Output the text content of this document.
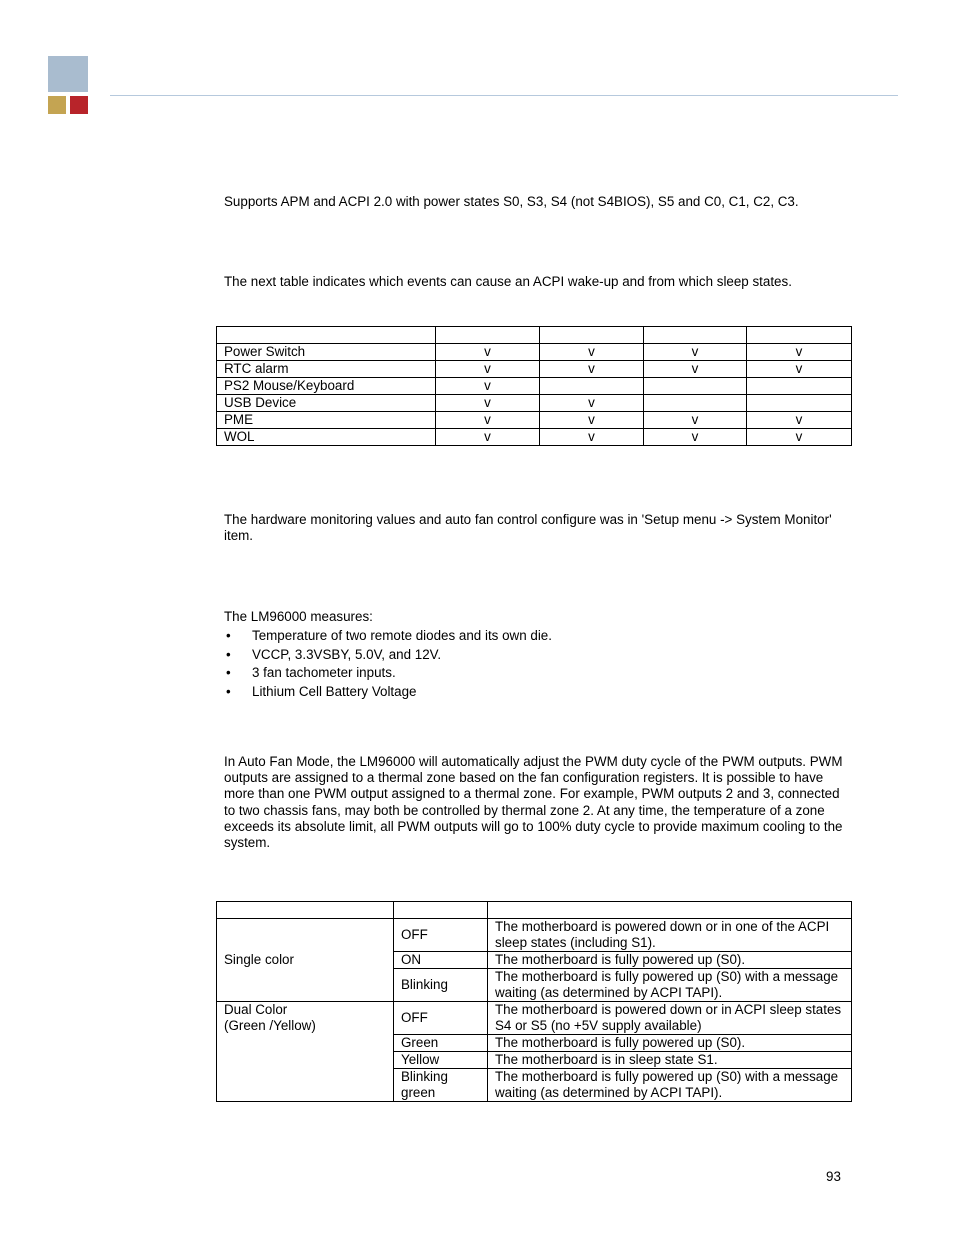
Supports APM and ACPI 2.0 with power states S0, S3, S4 (not S4BIOS), S5 and C0, C1, C2, C3.

The next table indicates which events can cause an ACPI wake-up and from which sleep states.

Power Switch	v	v	v	v
RTC alarm	v	v	v	v
PS2 Mouse/Keyboard	v			
USB Device	v	v		
PME	v	v	v	v
WOL	v	v	v	v

The hardware monitoring values and auto fan control configure was in 'Setup menu -> System Monitor' item.

The LM96000 measures:

• Temperature of two remote diodes and its own die.
• VCCP, 3.3VSBY, 5.0V, and 12V.
• 3 fan tachometer inputs.
• Lithium Cell Battery Voltage

In Auto Fan Mode, the LM96000 will automatically adjust the PWM duty cycle of the PWM outputs. PWM outputs are assigned to a thermal zone based on the fan configuration registers. It is possible to have more than one PWM output assigned to a thermal zone. For example, PWM outputs 2 and 3, connected to two chassis fans, may both be controlled by thermal zone 2. At any time, the temperature of a zone exceeds its absolute limit, all PWM outputs will go to 100% duty cycle to provide maximum cooling to the system.

Single color	OFF	The motherboard is powered down or in one of the ACPI sleep states (including S1).
	ON	The motherboard is fully powered up (S0).
	Blinking	The motherboard is fully powered up (S0) with a message waiting (as determined by ACPI TAPI).

Dual Color
(Green /Yellow)	OFF	The motherboard is powered down or in ACPI sleep states S4 or S5 (no +5V supply available)
	Green	The motherboard is fully powered up (S0).
	Yellow	The motherboard is in sleep state S1.
	Blinking green	The motherboard is fully powered up (S0) with a message waiting (as determined by ACPI TAPI).
93
